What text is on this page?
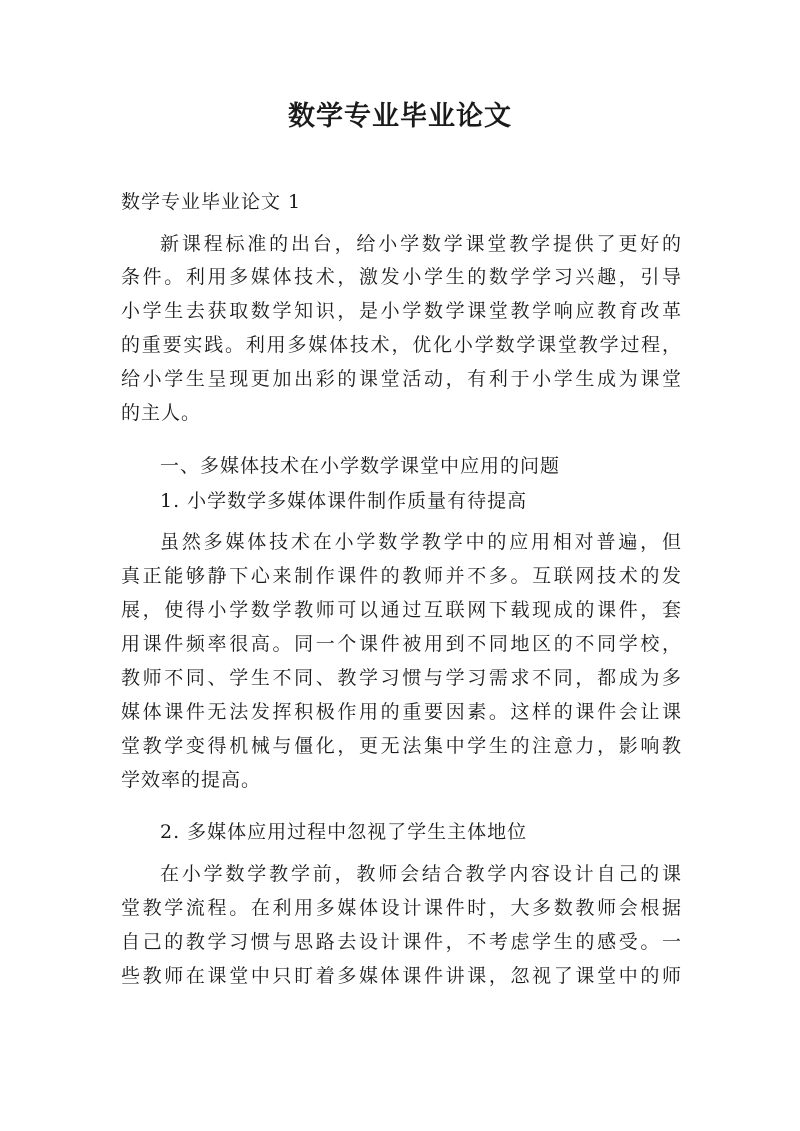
数学专业毕业论文
数学专业毕业论文 1
新课程标准的出台，给小学数学课堂教学提供了更好的
条件。利用多媒体技术，激发小学生的数学学习兴趣，引导
小学生去获取数学知识，是小学数学课堂教学响应教育改革
的重要实践。利用多媒体技术，优化小学数学课堂教学过程，
给小学生呈现更加出彩的课堂活动，有利于小学生成为课堂
的主人。
一、多媒体技术在小学数学课堂中应用的问题
1. 小学数学多媒体课件制作质量有待提高
虽然多媒体技术在小学数学教学中的应用相对普遍，但
真正能够静下心来制作课件的教师并不多。互联网技术的发
展，使得小学数学教师可以通过互联网下载现成的课件，套
用课件频率很高。同一个课件被用到不同地区的不同学校，
教师不同、学生不同、教学习惯与学习需求不同，都成为多
媒体课件无法发挥积极作用的重要因素。这样的课件会让课
堂教学变得机械与僵化，更无法集中学生的注意力，影响教
学效率的提高。
2. 多媒体应用过程中忽视了学生主体地位
在小学数学教学前，教师会结合教学内容设计自己的课
堂教学流程。在利用多媒体设计课件时，大多数教师会根据
自己的教学习惯与思路去设计课件，不考虑学生的感受。一
些教师在课堂中只盯着多媒体课件讲课，忽视了课堂中的师
